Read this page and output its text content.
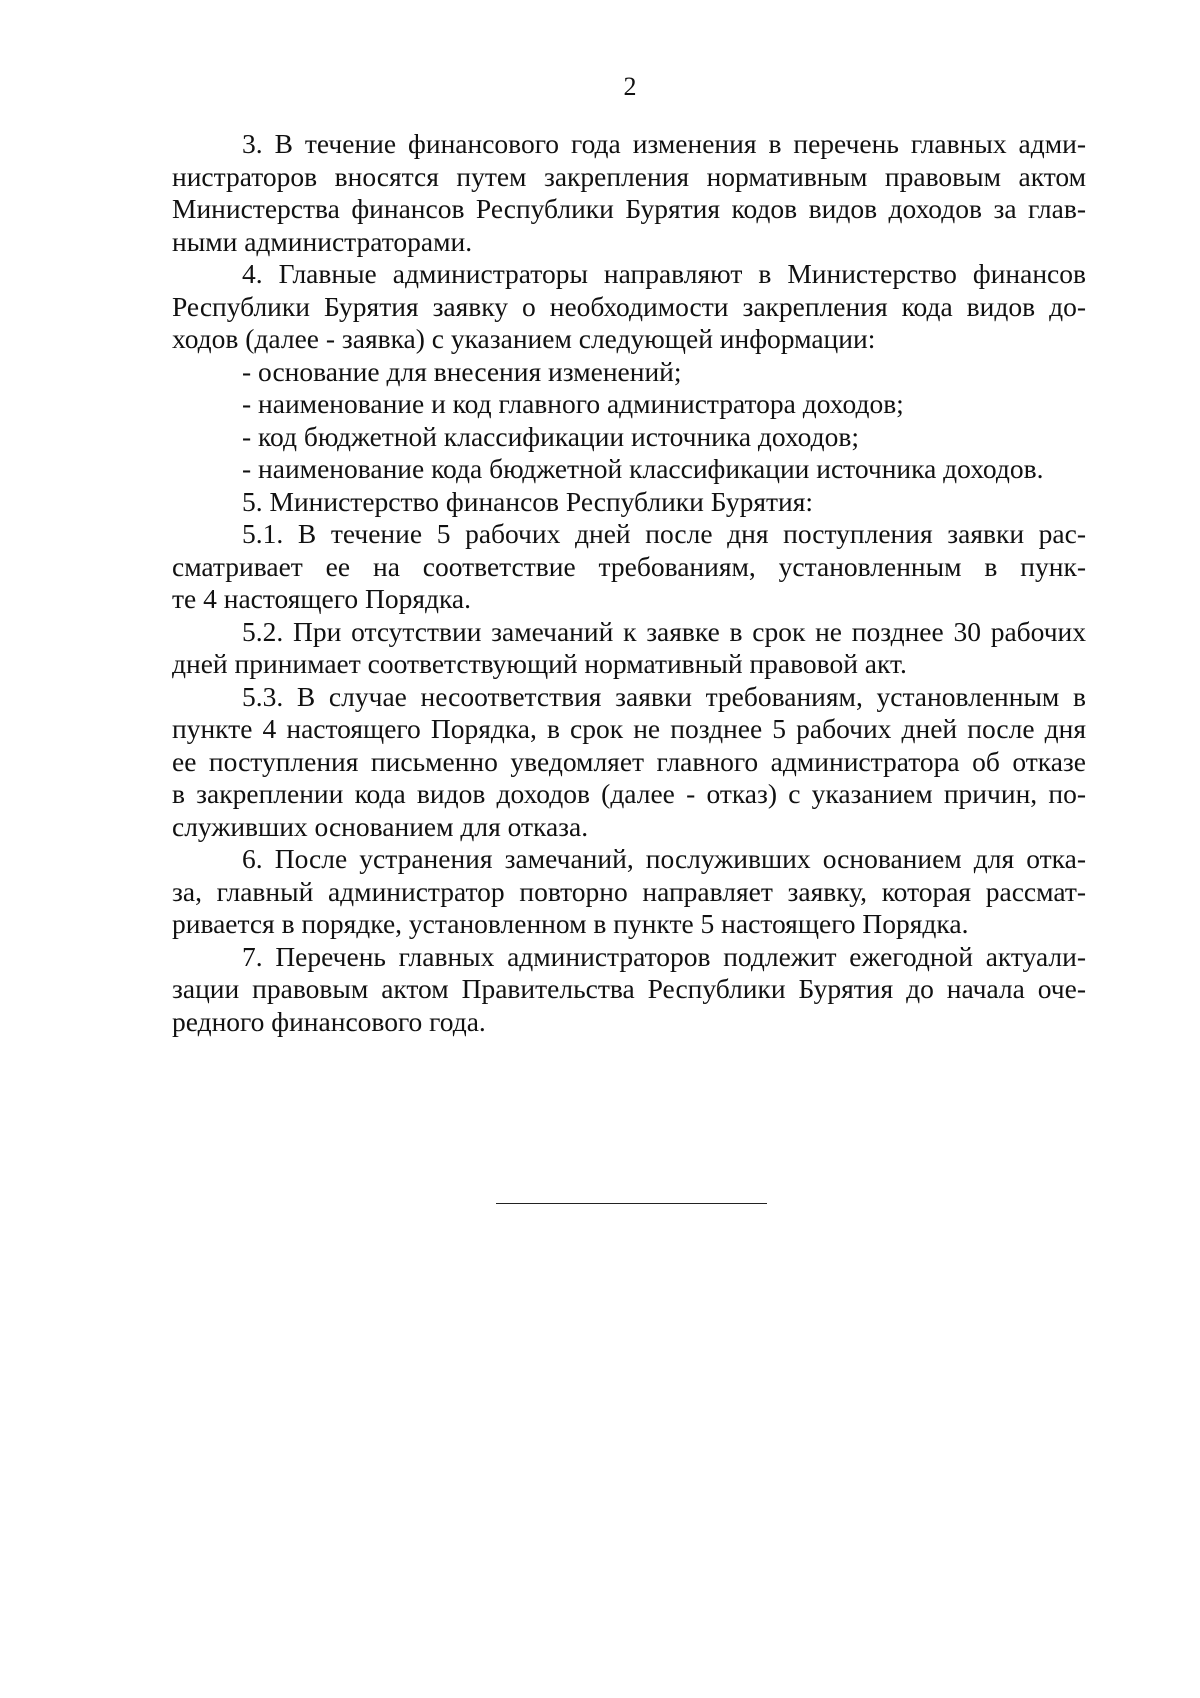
2
3. В течение финансового года изменения в перечень главных адми-
нистраторов вносятся путем закрепления нормативным правовым актом
Министерства финансов Республики Бурятия кодов видов доходов за глав-
ными администраторами.
4. Главные администраторы направляют в Министерство финансов
Республики Бурятия заявку о необходимости закрепления кода видов до-
ходов (далее - заявка) с указанием следующей информации:
- основание для внесения изменений;
- наименование и код главного администратора доходов;
- код бюджетной классификации источника доходов;
- наименование кода бюджетной классификации источника доходов.
5. Министерство финансов Республики Бурятия:
5.1. В течение 5 рабочих дней после дня поступления заявки рас-
сматривает ее на соответствие требованиям, установленным в пунк-
те 4 настоящего Порядка.
5.2. При отсутствии замечаний к заявке в срок не позднее 30 рабочих
дней принимает соответствующий нормативный правовой акт.
5.3. В случае несоответствия заявки требованиям, установленным в
пункте 4 настоящего Порядка, в срок не позднее 5 рабочих дней после дня
ее поступления письменно уведомляет главного администратора об отказе
в закреплении кода видов доходов (далее - отказ) с указанием причин, по-
служивших основанием для отказа.
6. После устранения замечаний, послуживших основанием для отка-
за, главный администратор повторно направляет заявку, которая рассмат-
ривается в порядке, установленном в пункте 5 настоящего Порядка.
7. Перечень главных администраторов подлежит ежегодной актуали-
зации правовым актом Правительства Республики Бурятия до начала оче-
редного финансового года.
